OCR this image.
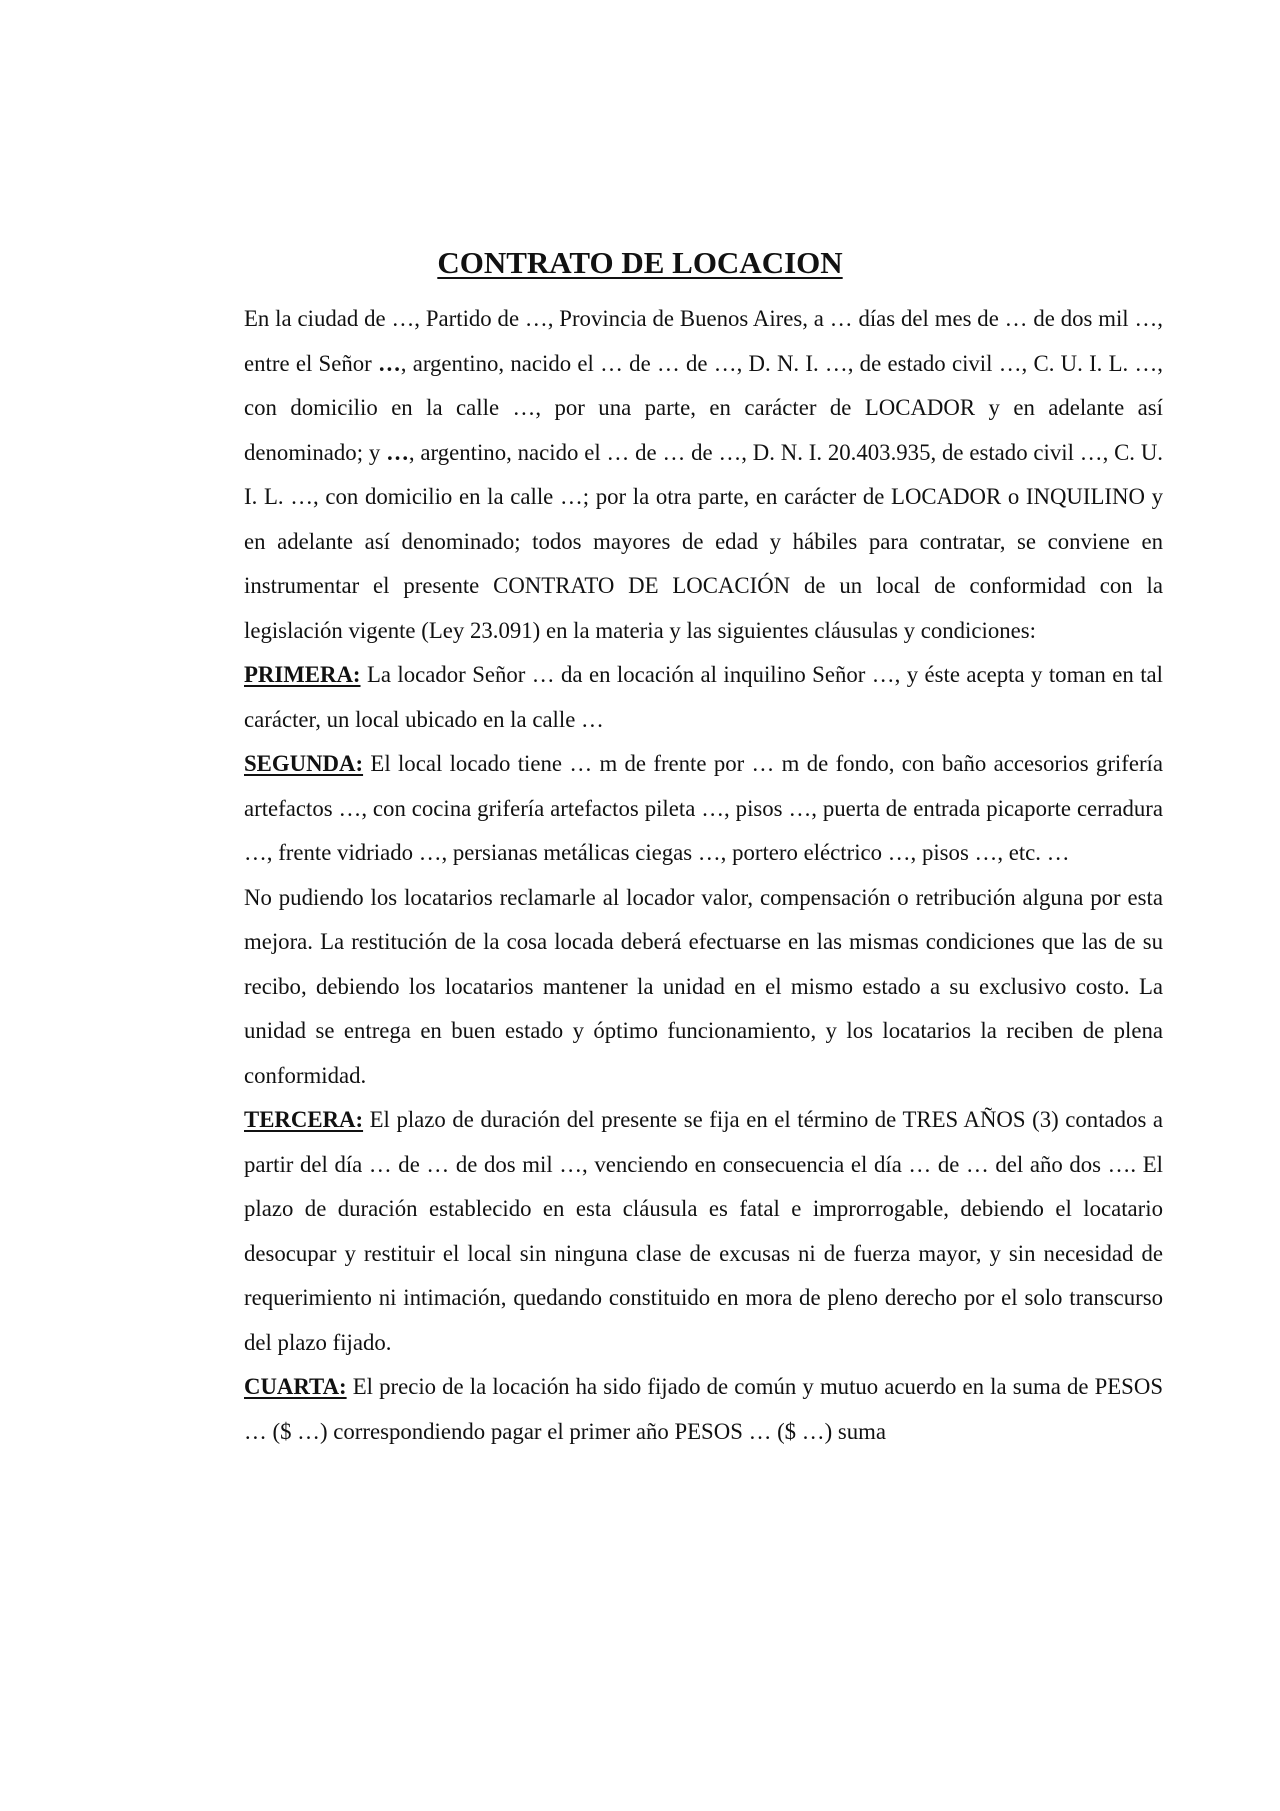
CONTRATO DE LOCACION

En la ciudad de …, Partido de …, Provincia de Buenos Aires, a … días del mes de … de dos mil …, entre el Señor …, argentino, nacido el … de … de …, D. N. I. …, de estado civil …, C. U. I. L. …, con domicilio en la calle …, por una parte, en carácter de LOCADOR y en adelante así denominado; y …, argentino, nacido el … de … de …, D. N. I. 20.403.935, de estado civil …, C. U. I. L. …, con domicilio en la calle …; por la otra parte, en carácter de LOCADOR o INQUILINO y en adelante así denominado; todos mayores de edad y hábiles para contratar, se conviene en instrumentar el presente CONTRATO DE LOCACIÓN de un local de conformidad con la legislación vigente (Ley 23.091) en la materia y las siguientes cláusulas y condiciones:

PRIMERA: La locador Señor … da en locación al inquilino Señor …, y éste acepta y toman en tal carácter, un local ubicado en la calle …

SEGUNDA: El local locado tiene … m de frente por … m de fondo, con baño accesorios grifería artefactos …, con cocina grifería artefactos pileta …, pisos …, puerta de entrada picaporte cerradura …, frente vidriado …, persianas metálicas ciegas …, portero eléctrico …, pisos …, etc. …

No pudiendo los locatarios reclamarle al locador valor, compensación o retribución alguna por esta mejora. La restitución de la cosa locada deberá efectuarse en las mismas condiciones que las de su recibo, debiendo los locatarios mantener la unidad en el mismo estado a su exclusivo costo. La unidad se entrega en buen estado y óptimo funcionamiento, y los locatarios la reciben de plena conformidad.

TERCERA: El plazo de duración del presente se fija en el término de TRES AÑOS (3) contados a partir del día … de … de dos mil …, venciendo en consecuencia el día … de … del año dos …. El plazo de duración establecido en esta cláusula es fatal e improrrogable, debiendo el locatario desocupar y restituir el local sin ninguna clase de excusas ni de fuerza mayor, y sin necesidad de requerimiento ni intimación, quedando constituido en mora de pleno derecho por el solo transcurso del plazo fijado.

CUARTA: El precio de la locación ha sido fijado de común y mutuo acuerdo en la suma de PESOS … ($ …) correspondiendo pagar el primer año PESOS … ($ …) suma
